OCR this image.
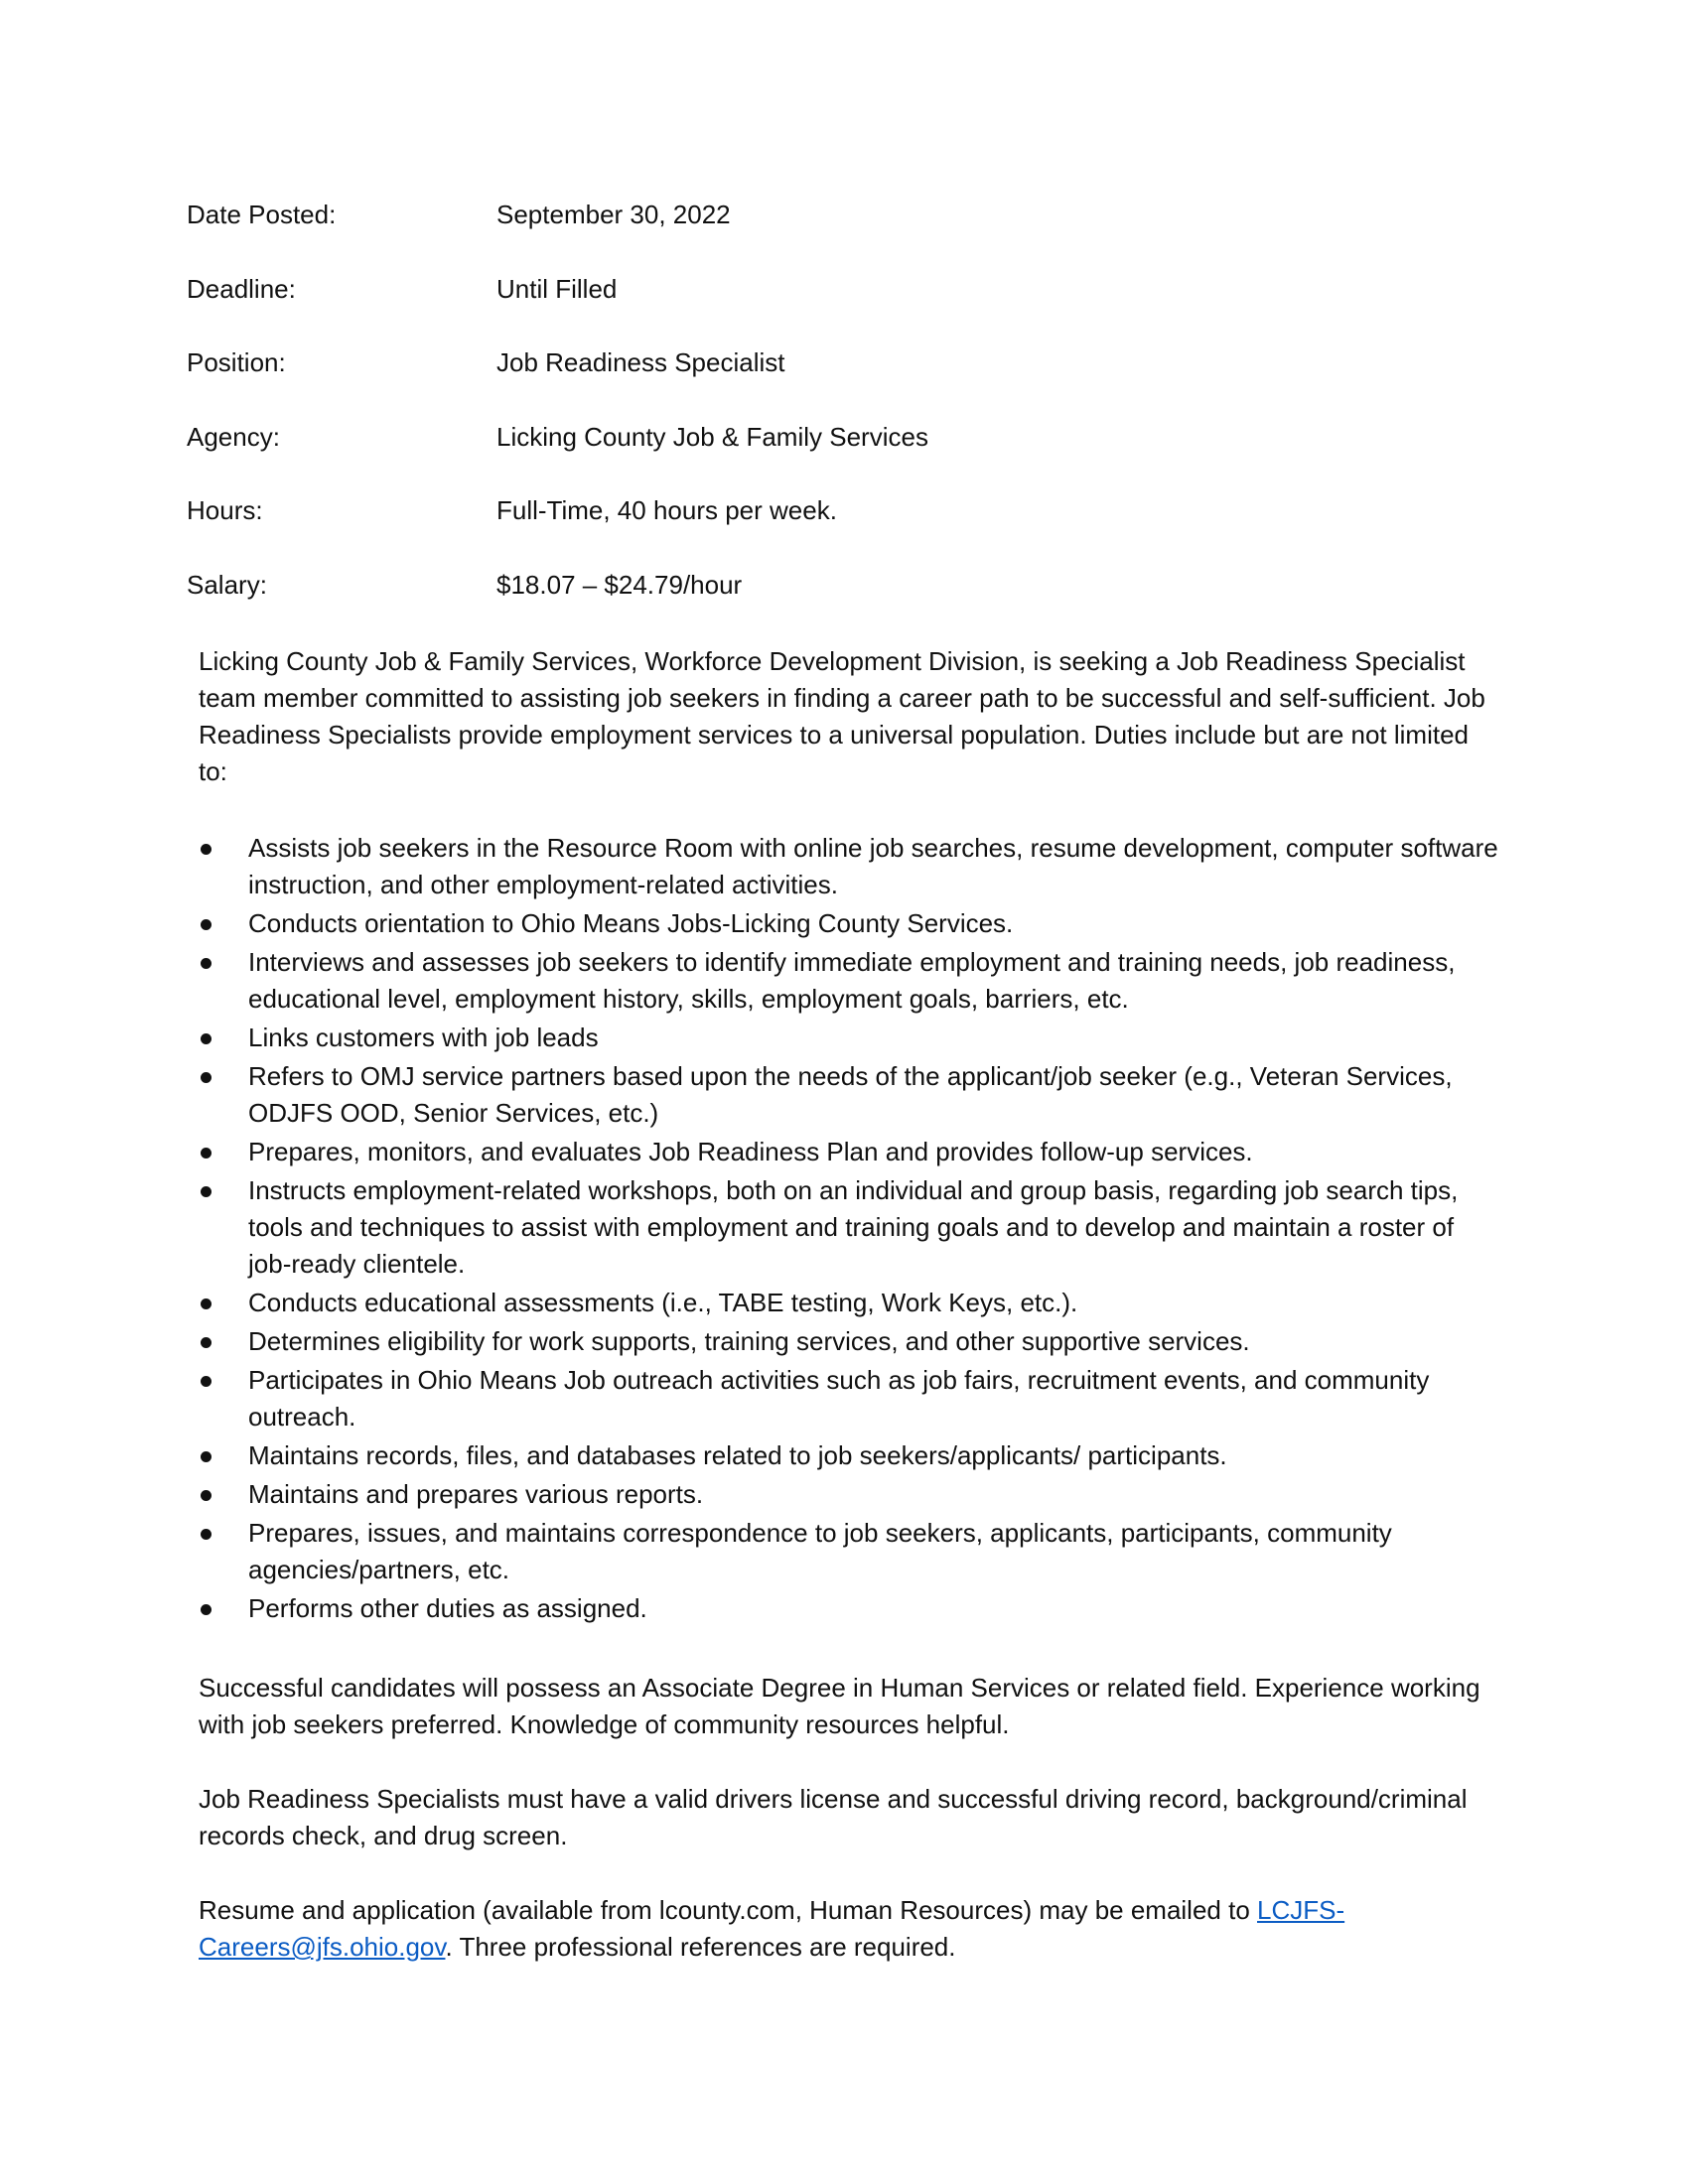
Date Posted:	September 30, 2022
Deadline:	Until Filled
Position:	Job Readiness Specialist
Agency:	Licking County Job & Family Services
Hours:	Full-Time, 40 hours per week.
Salary:	$18.07 – $24.79/hour

Licking County Job & Family Services, Workforce Development Division, is seeking a Job Readiness Specialist team member committed to assisting job seekers in finding a career path to be successful and self-sufficient. Job Readiness Specialists provide employment services to a universal population. Duties include but are not limited to:

Assists job seekers in the Resource Room with online job searches, resume development, computer software instruction, and other employment-related activities.
Conducts orientation to Ohio Means Jobs-Licking County Services.
Interviews and assesses job seekers to identify immediate employment and training needs, job readiness, educational level, employment history, skills, employment goals, barriers, etc.
Links customers with job leads
Refers to OMJ service partners based upon the needs of the applicant/job seeker (e.g., Veteran Services, ODJFS OOD, Senior Services, etc.)
Prepares, monitors, and evaluates Job Readiness Plan and provides follow-up services.
Instructs employment-related workshops, both on an individual and group basis, regarding job search tips, tools and techniques to assist with employment and training goals and to develop and maintain a roster of job-ready clientele.
Conducts educational assessments (i.e., TABE testing, Work Keys, etc.).
Determines eligibility for work supports, training services, and other supportive services.
Participates in Ohio Means Job outreach activities such as job fairs, recruitment events, and community outreach.
Maintains records, files, and databases related to job seekers/applicants/ participants.
Maintains and prepares various reports.
Prepares, issues, and maintains correspondence to job seekers, applicants, participants, community agencies/partners, etc.
Performs other duties as assigned.

Successful candidates will possess an Associate Degree in Human Services or related field. Experience working with job seekers preferred. Knowledge of community resources helpful.

Job Readiness Specialists must have a valid drivers license and successful driving record, background/criminal records check, and drug screen.

Resume and application (available from lcounty.com, Human Resources) may be emailed to LCJFS-Careers@jfs.ohio.gov. Three professional references are required.
